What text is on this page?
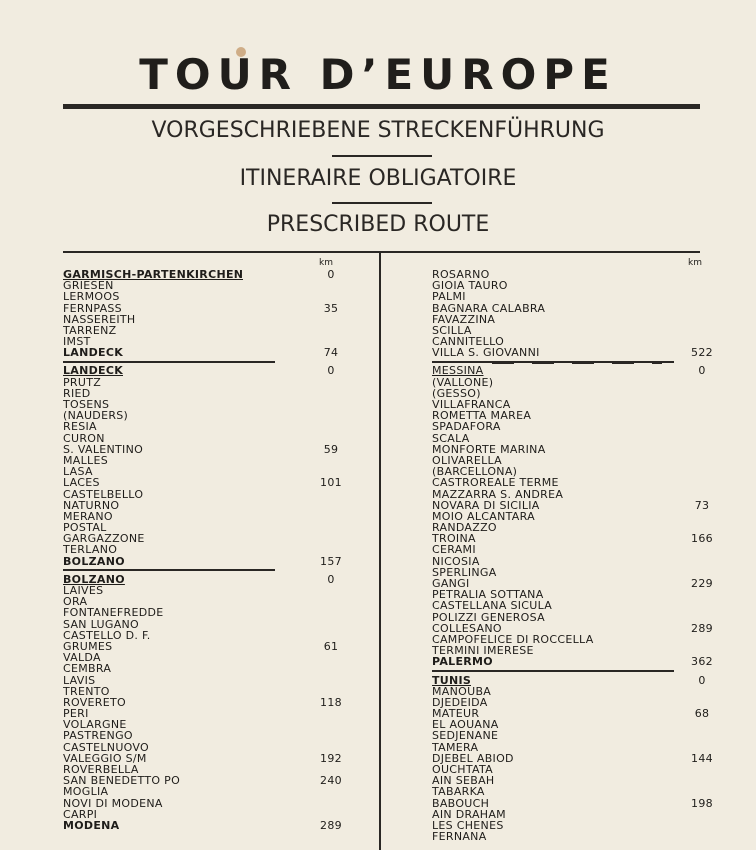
TOUR D’EUROPE
VORGESCHRIEBENE STRECKENFÜHRUNG
ITINERAIRE OBLIGATOIRE
PRESCRIBED ROUTE
km
GARMISCH-PARTENKIRCHEN	0
GRIESEN
LERMOOS
FERNPASS	35
NASSEREITH
TARRENZ
IMST
LANDECK	74
LANDECK	0
PRUTZ
RIED
TÖSENS
(NAUDERS)
RESIA
CURON
S. VALENTINO	59
MALLES
LASA
LACES	101
CASTELBELLO
NATURNO
MERANO
POSTAL
GARGAZZONE
TERLANO
BOLZANO	157
BOLZANO	0
LAIVES
ORA
FONTANEFREDDE
SAN LUGANO
CASTELLO D. F.
GRUMES	61
VALDA
CEMBRA
LAVIS
TRENTO
ROVERETO	118
PERI
VOLARGNE
PASTRENGO
CASTELNUOVO
VALEGGIO S/M	192
ROVERBELLA
SAN BENEDETTO PO	240
MOGLIA
NOVI DI MODENA
CARPI
MODENA	289
km
ROSARNO
GIOIA TAURO
PALMI
BAGNARA CALABRA
FAVAZZINA
SCILLA
CANNITELLO
VILLA S. GIOVANNI	522
MESSINA	0
(VALLONE)
(GESSO)
VILLAFRANCA
ROMETTA MAREA
SPADAFORA
SCALA
MONFORTE MARINA
OLIVARELLA
(BARCELLONA)
CASTROREALE TERME
MAZZARRA S. ANDREA
NOVARA DI SICILIA	73
MOIO ALCANTARA
RANDAZZO
TROINA	166
CERAMI
NICOSIA
SPERLINGA
GANGI	229
PETRALIA SOTTANA
CASTELLANA SICULA
POLIZZI GENEROSA
COLLESANO	289
CAMPOFELICE DI ROCCELLA
TERMINI IMERESE
PALERMO	362
TUNIS	0
MANOUBA
DJEDEIDA
MATEUR	68
EL AOUANA
SEDJENANE
TAMERA
DJEBEL ABIOD	144
OUCHTATA
AIN SEBAH
TABARKA
BABOUCH	198
AIN DRAHAM
LES CHENES
FERNANA
